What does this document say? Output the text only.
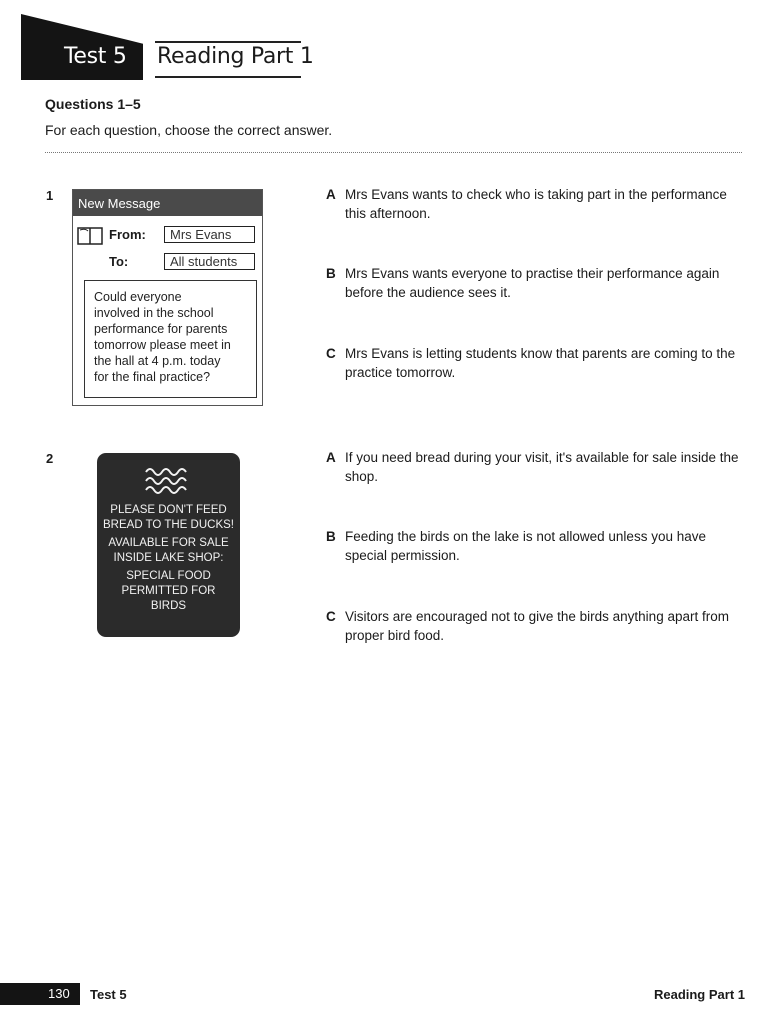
Test 5 Reading Part 1
Questions 1–5
For each question, choose the correct answer.
1
New Message
From:	Mrs Evans
To:	All students
Could everyone
involved in the school
performance for parents
tomorrow please meet in
the hall at 4 p.m. today
for the final practice?
A Mrs Evans wants to check who is taking part in the performance this afternoon.
B Mrs Evans wants everyone to practise their performance again before the audience sees it.
C Mrs Evans is letting students know that parents are coming to the practice tomorrow.
2
PLEASE DON'T FEED BREAD TO THE DUCKS!
AVAILABLE FOR SALE INSIDE LAKE SHOP:
SPECIAL FOOD PERMITTED FOR BIRDS
A If you need bread during your visit, it's available for sale inside the shop.
B Feeding the birds on the lake is not allowed unless you have special permission.
C Visitors are encouraged not to give the birds anything apart from proper bird food.
130 Test 5	Reading Part 1
